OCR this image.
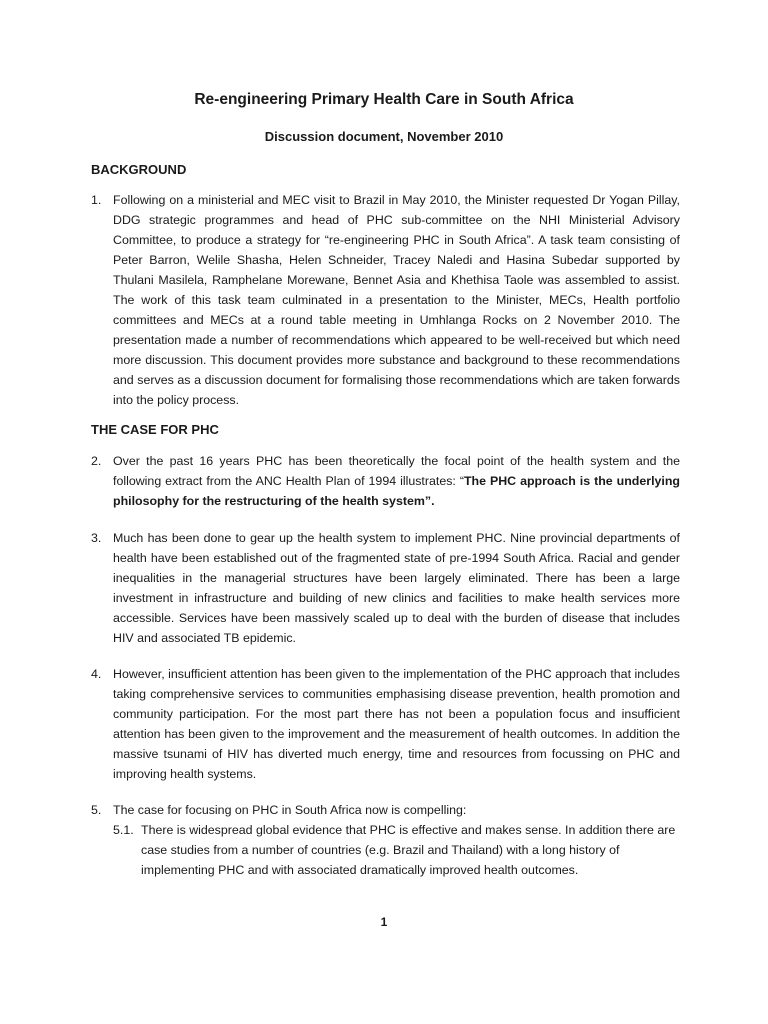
Re-engineering Primary Health Care in South Africa
Discussion document, November 2010
BACKGROUND
1. Following on a ministerial and MEC visit to Brazil in May 2010, the Minister requested Dr Yogan Pillay, DDG strategic programmes and head of PHC sub-committee on the NHI Ministerial Advisory Committee, to produce a strategy for “re-engineering PHC in South Africa”. A task team consisting of Peter Barron, Welile Shasha, Helen Schneider, Tracey Naledi and Hasina Subedar supported by Thulani Masilela, Ramphelane Morewane, Bennet Asia and Khethisa Taole was assembled to assist. The work of this task team culminated in a presentation to the Minister, MECs, Health portfolio committees and MECs at a round table meeting in Umhlanga Rocks on 2 November 2010. The presentation made a number of recommendations which appeared to be well-received but which need more discussion. This document provides more substance and background to these recommendations and serves as a discussion document for formalising those recommendations which are taken forwards into the policy process.
THE CASE FOR PHC
2. Over the past 16 years PHC has been theoretically the focal point of the health system and the following extract from the ANC Health Plan of 1994 illustrates: “The PHC approach is the underlying philosophy for the restructuring of the health system”.
3. Much has been done to gear up the health system to implement PHC. Nine provincial departments of health have been established out of the fragmented state of pre-1994 South Africa. Racial and gender inequalities in the managerial structures have been largely eliminated. There has been a large investment in infrastructure and building of new clinics and facilities to make health services more accessible. Services have been massively scaled up to deal with the burden of disease that includes HIV and associated TB epidemic.
4. However, insufficient attention has been given to the implementation of the PHC approach that includes taking comprehensive services to communities emphasising disease prevention, health promotion and community participation. For the most part there has not been a population focus and insufficient attention has been given to the improvement and the measurement of health outcomes. In addition the massive tsunami of HIV has diverted much energy, time and resources from focussing on PHC and improving health systems.
5. The case for focusing on PHC in South Africa now is compelling:
5.1. There is widespread global evidence that PHC is effective and makes sense. In addition there are case studies from a number of countries (e.g. Brazil and Thailand) with a long history of implementing PHC and with associated dramatically improved health outcomes.
1
